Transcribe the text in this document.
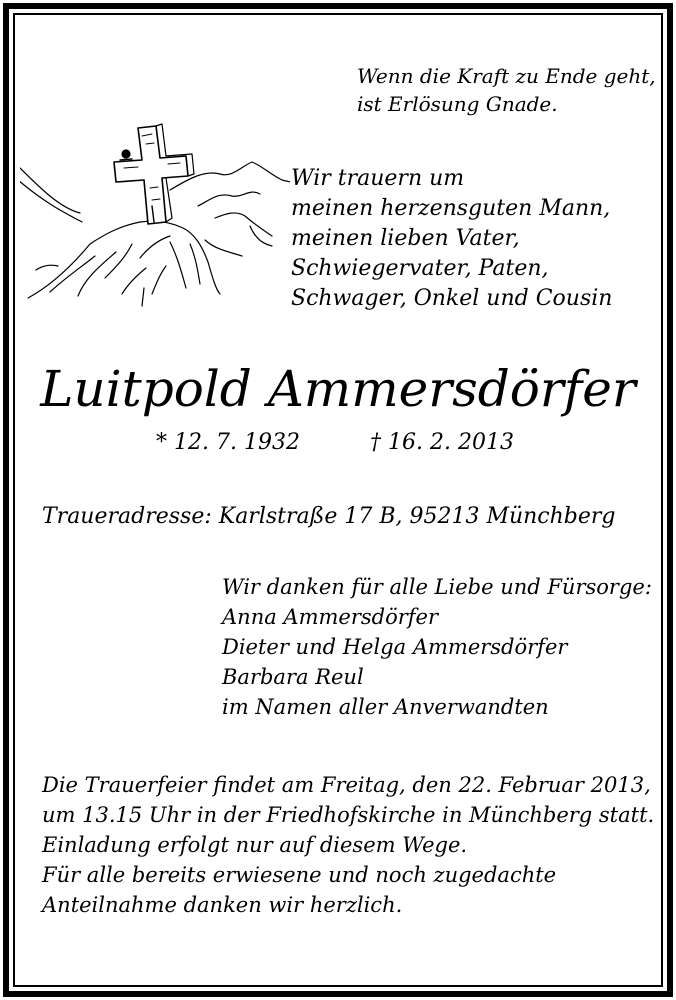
Wenn die Kraft zu Ende geht,
ist Erlösung Gnade.
Wir trauern um
meinen herzensguten Mann,
meinen lieben Vater,
Schwiegervater, Paten,
Schwager, Onkel und Cousin
Luitpold Ammersdörfer
* 12. 7. 1932	† 16. 2. 2013
Traueradresse: Karlstraße 17 B, 95213 Münchberg
Wir danken für alle Liebe und Fürsorge:
Anna Ammersdörfer
Dieter und Helga Ammersdörfer
Barbara Reul
im Namen aller Anverwandten
Die Trauerfeier findet am Freitag, den 22. Februar 2013,
um 13.15 Uhr in der Friedhofskirche in Münchberg statt.
Einladung erfolgt nur auf diesem Wege.
Für alle bereits erwiesene und noch zugedachte
Anteilnahme danken wir herzlich.
